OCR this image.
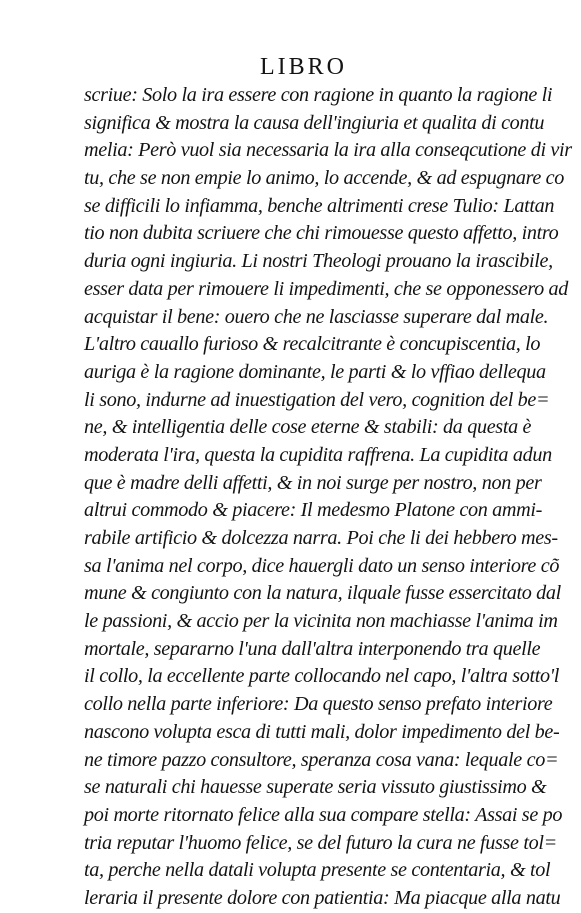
LIBRO
scriue: Solo la ira essere con ragione in quanto la ragione li
significa & mostra la causa dell'ingiuria et qualita di contu
melia: Però vuol sia necessaria la ira alla conseqcutione di vir
tu, che se non empie lo animo, lo accende, & ad espugnare co
se difficili lo infiamma, benche altrimenti crese Tulio: Lattan
tio non dubita scriuere che chi rimouesse questo affetto, intro
duria ogni ingiuria. Li nostri Theologi prouano la irascibile,
esser data per rimouere li impedimenti, che se opponessero ad
acquistar il bene: ouero che ne lasciasse superare dal male.
L'altro cauallo furioso & recalcitrante è concupiscentia, lo
auriga è la ragione dominante, le parti & lo vffiao dellequa
li sono, indurne ad inuestigation del vero, cognition del be=
ne, & intelligentia delle cose eterne & stabili: da questa è
moderata l'ira, questa la cupidita raffrena. La cupidita adun
que è madre delli affetti, & in noi surge per nostro, non per
altrui commodo & piacere: Il medesmo Platone con ammi-
rabile artificio & dolcezza narra. Poi che li dei hebbero mes-
sa l'anima nel corpo, dice hauergli dato un senso interiore cõ
mune & congiunto con la natura, ilquale fusse essercitato dal
le passioni, & accio per la vicinita non machiasse l'anima im
mortale, separarno l'una dall'altra interponendo tra quelle
il collo, la eccellente parte collocando nel capo, l'altra sotto'l
collo nella parte inferiore: Da questo senso prefato interiore
nascono volupta esca di tutti mali, dolor impedimento del be-
ne timore pazzo consultore, speranza cosa vana: lequale co=
se naturali chi hauesse superate seria vissuto giustissimo &
poi morte ritornato felice alla sua compare stella: Assai se po
tria reputar l'huomo felice, se del futuro la cura ne fusse tol=
ta, perche nella datali volupta presente se contentaria, & tol
leraria il presente dolore con patientia: Ma piacque alla natu
